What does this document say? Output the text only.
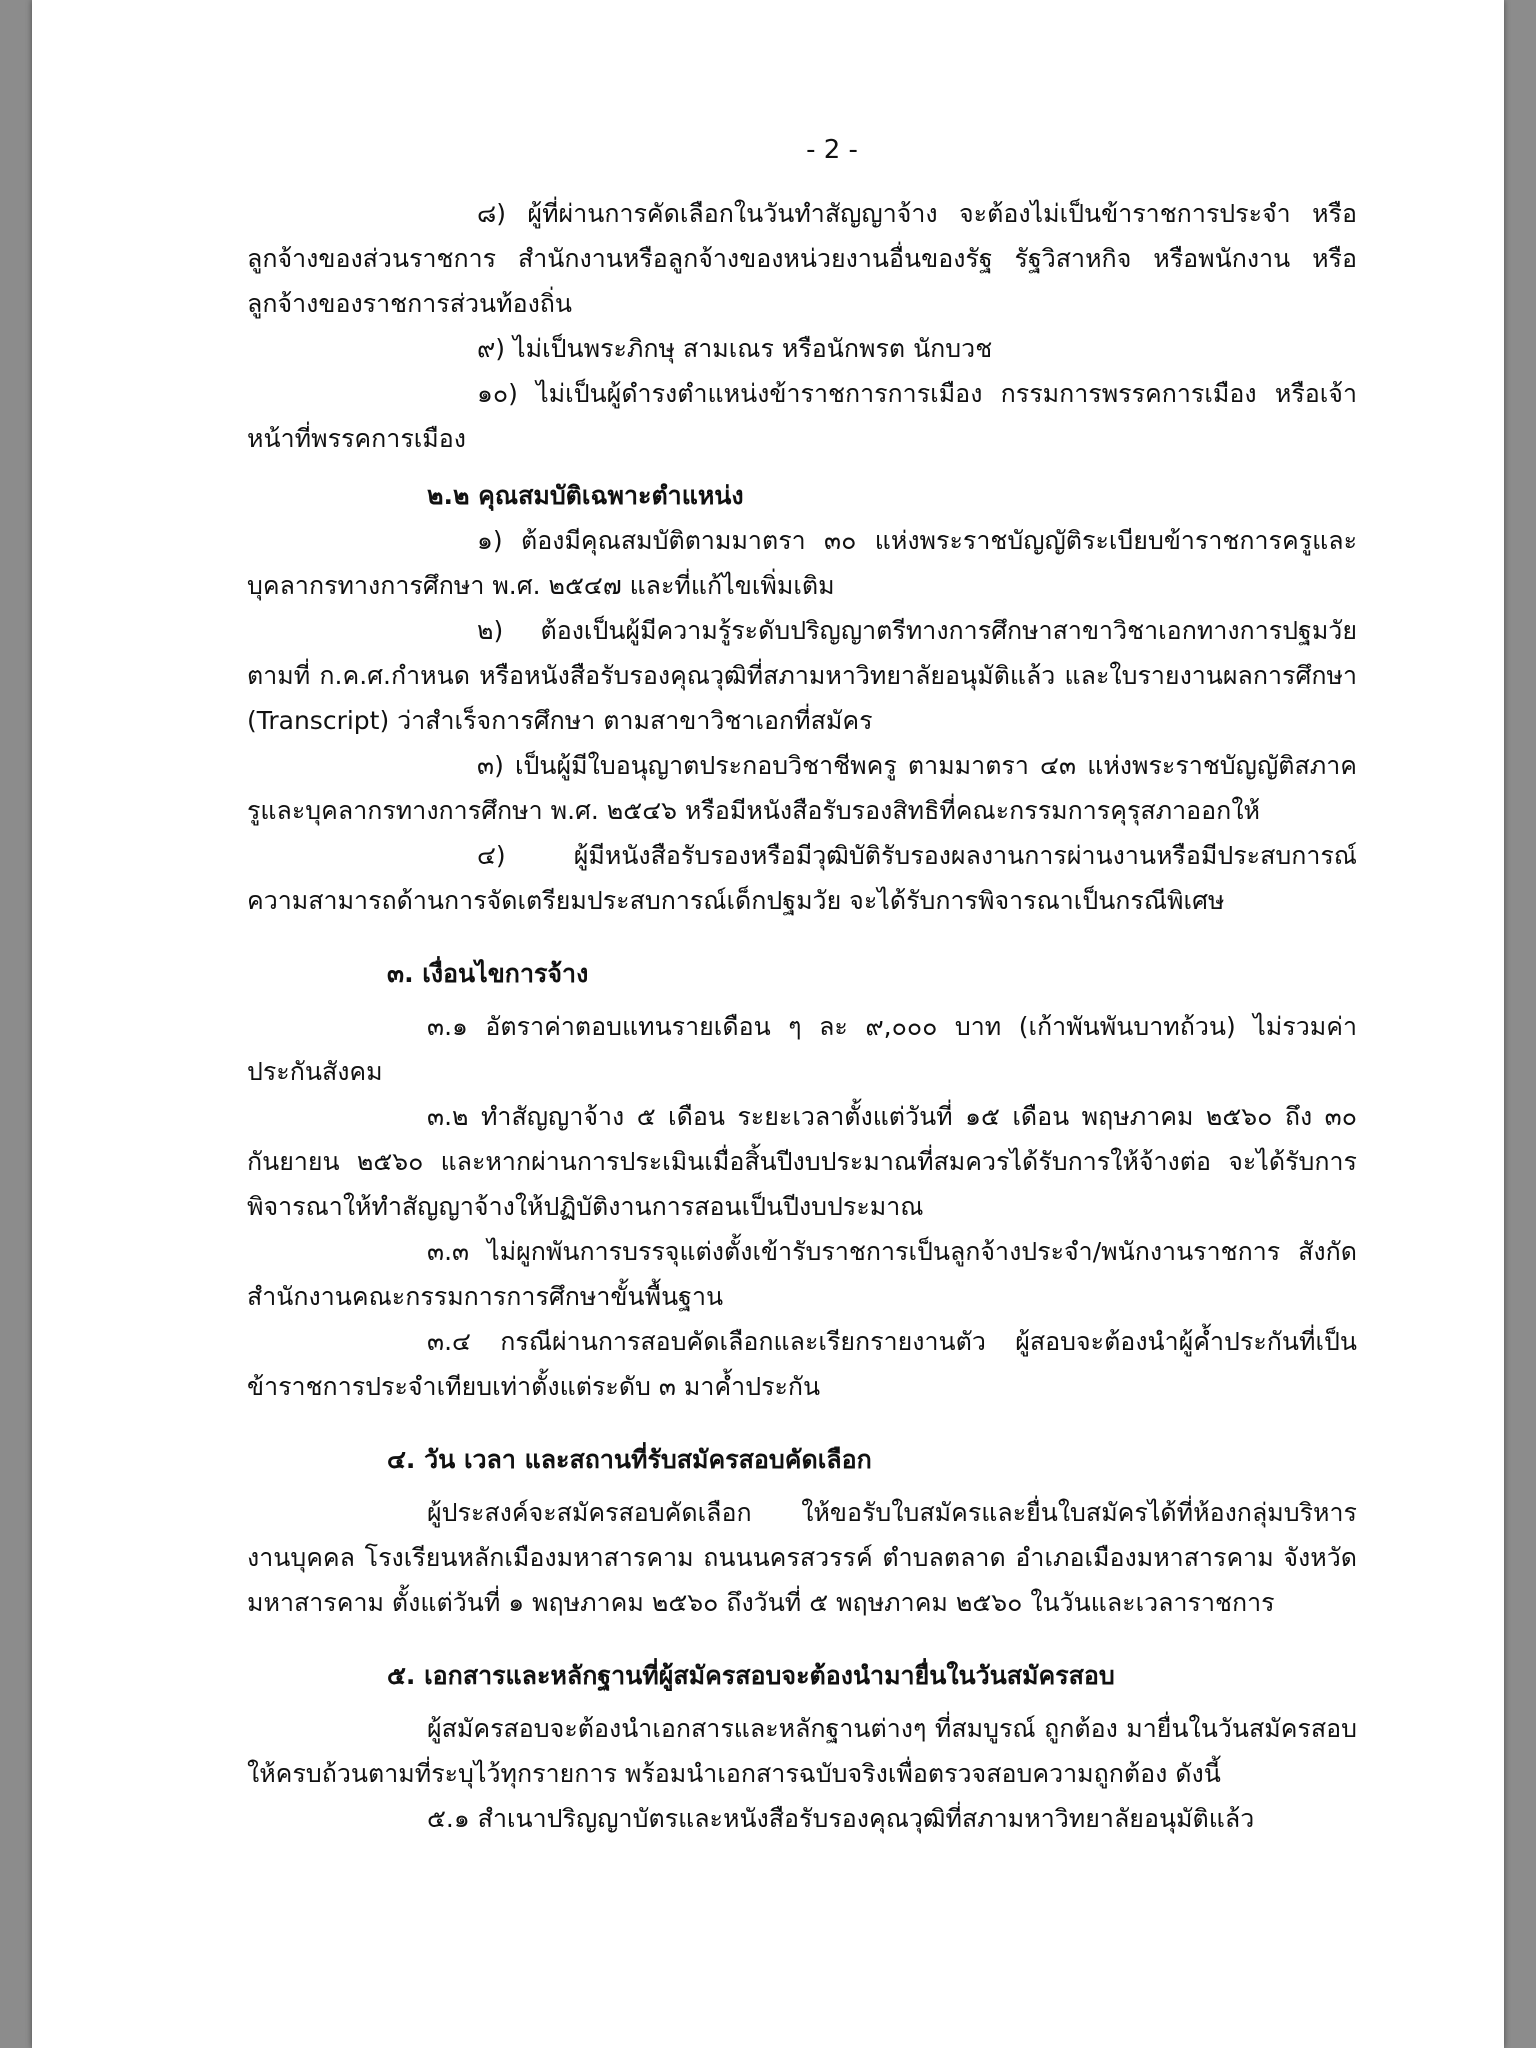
- 2 -

๘) ผู้ที่ผ่านการคัดเลือกในวันทำสัญญาจ้าง จะต้องไม่เป็นข้าราชการประจำ หรือลูกจ้างของส่วนราชการ สำนักงานหรือลูกจ้างของหน่วยงานอื่นของรัฐ รัฐวิสาหกิจ หรือพนักงาน หรือลูกจ้างของราชการส่วนท้องถิ่น

๙) ไม่เป็นพระภิกษุ สามเณร หรือนักพรต นักบวช

๑๐) ไม่เป็นผู้ดำรงตำแหน่งข้าราชการการเมือง กรรมการพรรคการเมือง หรือเจ้าหน้าที่พรรคการเมือง

๒.๒ คุณสมบัติเฉพาะตำแหน่ง

๑) ต้องมีคุณสมบัติตามมาตรา ๓๐ แห่งพระราชบัญญัติระเบียบข้าราชการครูและบุคลากรทางการศึกษา พ.ศ. ๒๕๔๗ และที่แก้ไขเพิ่มเติม

๒) ต้องเป็นผู้มีความรู้ระดับปริญญาตรีทางการศึกษาสาขาวิชาเอกทางการปฐมวัย ตามที่ ก.ค.ศ.กำหนด หรือหนังสือรับรองคุณวุฒิที่สภามหาวิทยาลัยอนุมัติแล้ว และใบรายงานผลการศึกษา (Transcript) ว่าสำเร็จการศึกษา ตามสาขาวิชาเอกที่สมัคร

๓) เป็นผู้มีใบอนุญาตประกอบวิชาชีพครู ตามมาตรา ๔๓ แห่งพระราชบัญญัติสภาครูและบุคลากรทางการศึกษา พ.ศ. ๒๕๔๖ หรือมีหนังสือรับรองสิทธิที่คณะกรรมการคุรุสภาออกให้

๔) ผู้มีหนังสือรับรองหรือมีวุฒิบัติรับรองผลงานการผ่านงานหรือมีประสบการณ์ความสามารถด้านการจัดเตรียมประสบการณ์เด็กปฐมวัย จะได้รับการพิจารณาเป็นกรณีพิเศษ

๓. เงื่อนไขการจ้าง

๓.๑ อัตราค่าตอบแทนรายเดือน ๆ ละ ๙,๐๐๐ บาท (เก้าพันพันบาทถ้วน) ไม่รวมค่าประกันสังคม

๓.๒ ทำสัญญาจ้าง ๕ เดือน ระยะเวลาตั้งแต่วันที่ ๑๕ เดือน พฤษภาคม ๒๕๖๐ ถึง ๓๐ กันยายน ๒๕๖๐ และหากผ่านการประเมินเมื่อสิ้นปีงบประมาณที่สมควรได้รับการให้จ้างต่อ จะได้รับการพิจารณาให้ทำสัญญาจ้างให้ปฏิบัติงานการสอนเป็นปีงบประมาณ

๓.๓ ไม่ผูกพันการบรรจุแต่งตั้งเข้ารับราชการเป็นลูกจ้างประจำ/พนักงานราชการ สังกัดสำนักงานคณะกรรมการการศึกษาขั้นพื้นฐาน

๓.๔ กรณีผ่านการสอบคัดเลือกและเรียกรายงานตัว ผู้สอบจะต้องนำผู้ค้ำประกันที่เป็นข้าราชการประจำเทียบเท่าตั้งแต่ระดับ ๓ มาค้ำประกัน

๔. วัน เวลา และสถานที่รับสมัครสอบคัดเลือก

ผู้ประสงค์จะสมัครสอบคัดเลือก ให้ขอรับใบสมัครและยื่นใบสมัครได้ที่ห้องกลุ่มบริหารงานบุคคล โรงเรียนหลักเมืองมหาสารคาม ถนนนครสวรรค์ ตำบลตลาด อำเภอเมืองมหาสารคาม จังหวัดมหาสารคาม ตั้งแต่วันที่ ๑ พฤษภาคม ๒๕๖๐ ถึงวันที่ ๕ พฤษภาคม ๒๕๖๐ ในวันและเวลาราชการ

๕. เอกสารและหลักฐานที่ผู้สมัครสอบจะต้องนำมายื่นในวันสมัครสอบ

ผู้สมัครสอบจะต้องนำเอกสารและหลักฐานต่างๆ ที่สมบูรณ์ ถูกต้อง มายื่นในวันสมัครสอบให้ครบถ้วนตามที่ระบุไว้ทุกรายการ พร้อมนำเอกสารฉบับจริงเพื่อตรวจสอบความถูกต้อง ดังนี้

๕.๑ สำเนาปริญญาบัตรและหนังสือรับรองคุณวุฒิที่สภามหาวิทยาลัยอนุมัติแล้ว
